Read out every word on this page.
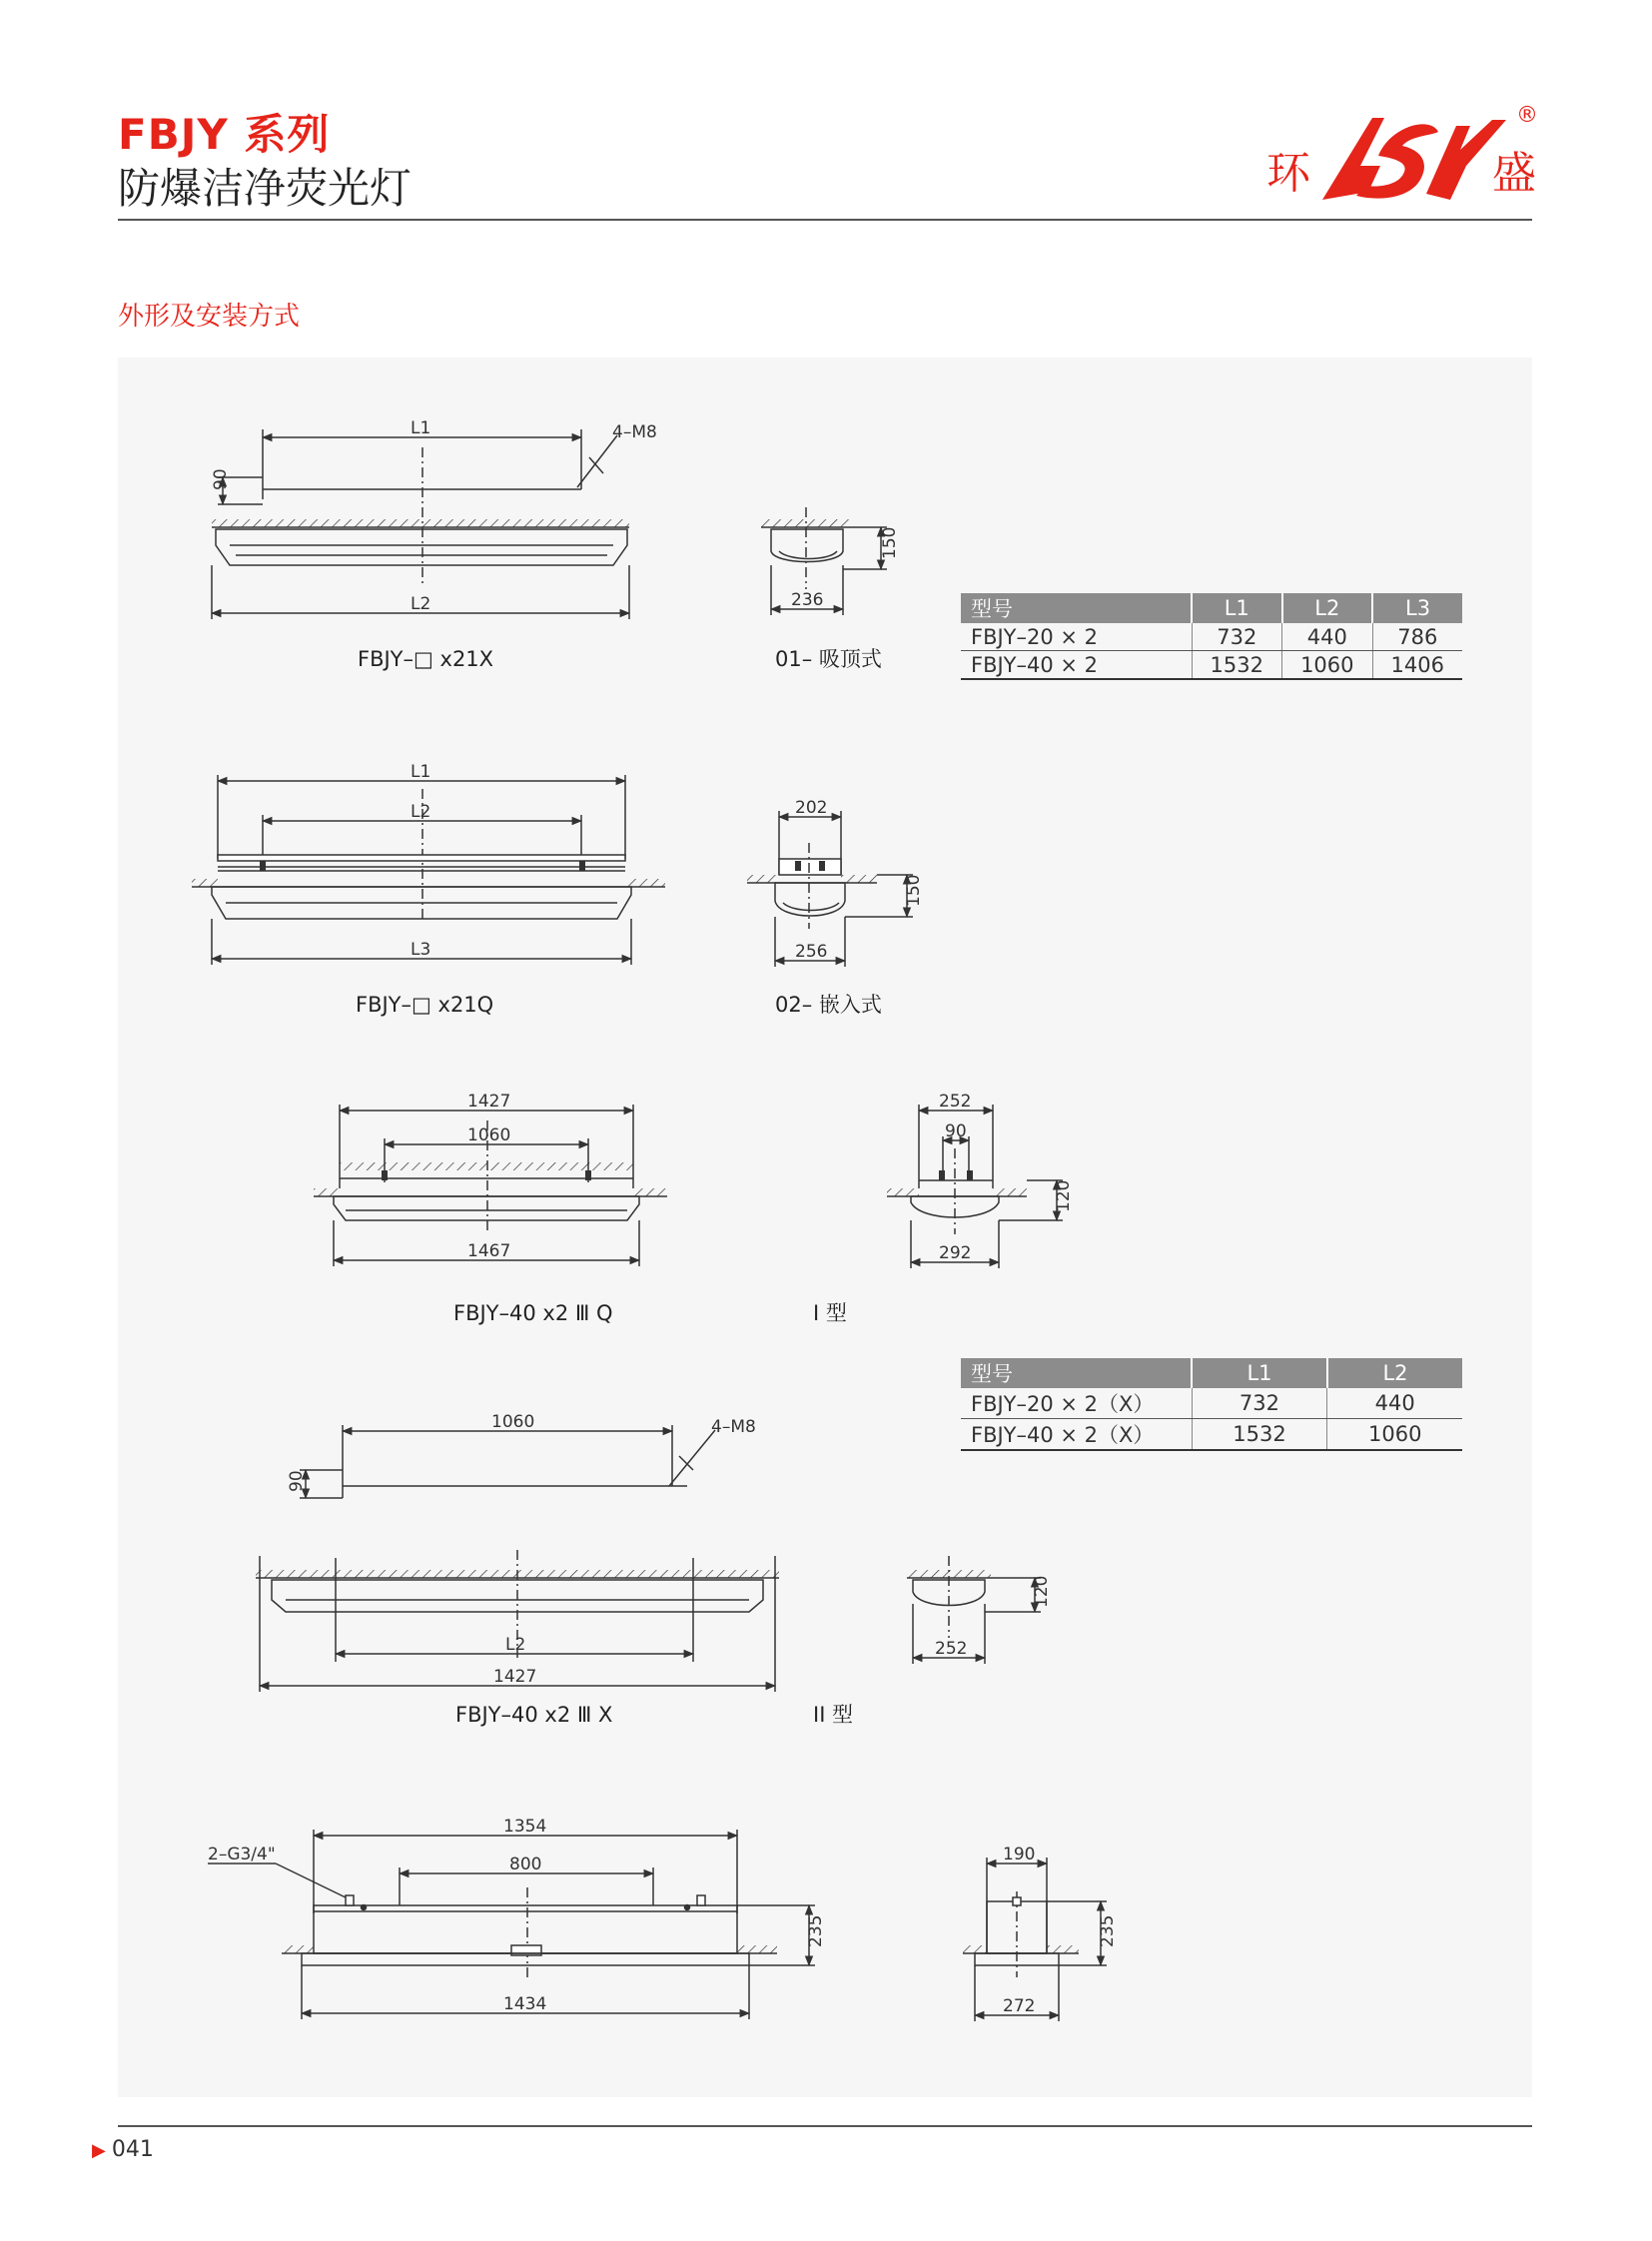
FBJY 系列
防爆洁净荧光灯	环	盛
®
外形及安装方式
L1	4–M8
90
L2
FBJY–□ x21X
150
236
01– 吸顶式
L1
L2
L3
FBJY–□ x21Q
202
150
256
02– 嵌入式
1427
1060
1467
FBJY–40 x2 Ⅲ Q
252
90
120
292
I 型
1060	4–M8
90
L2
1427
FBJY–40 x2 Ⅲ X
120
252
II 型
1354
800
2–G3/4"
235
1434
190
235
272
型号	L1	L2	L3
FBJY–20 × 2	732	440	786
FBJY–40 × 2	1532	1060	1406
型号	L1	L2
FBJY–20 × 2（X）	732	440
FBJY–40 × 2（X）	1532	1060
▶ 041
